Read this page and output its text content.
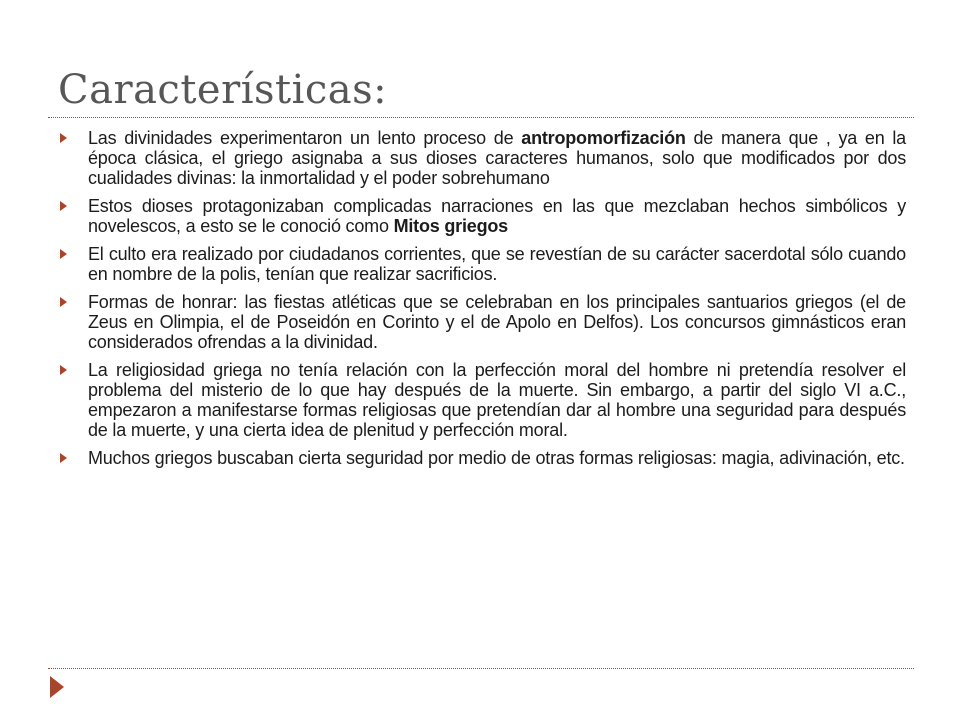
Características:
Las divinidades experimentaron un lento proceso de antropomorfización de manera que , ya en la época clásica, el griego asignaba a sus dioses caracteres humanos, solo que modificados por dos cualidades divinas: la inmortalidad y el poder sobrehumano
Estos dioses protagonizaban complicadas narraciones en las que mezclaban hechos simbólicos y novelescos, a esto se le conoció como Mitos griegos
El culto era realizado por ciudadanos corrientes, que se revestían de su carácter sacerdotal sólo cuando en nombre de la polis, tenían que realizar sacrificios.
Formas de honrar: las fiestas atléticas que se celebraban en los principales santuarios griegos (el de Zeus en Olimpia, el de Poseidón en Corinto y el de Apolo en Delfos). Los concursos gimnásticos eran considerados ofrendas a la divinidad.
La religiosidad griega no tenía relación con la perfección moral del hombre ni pretendía resolver el problema del misterio de lo que hay después de la muerte. Sin embargo, a partir del siglo VI a.C., empezaron a manifestarse formas religiosas que pretendían dar al hombre una seguridad para después de la muerte, y una cierta idea de plenitud y perfección moral.
Muchos griegos buscaban cierta seguridad por medio de otras formas religiosas: magia, adivinación, etc.
